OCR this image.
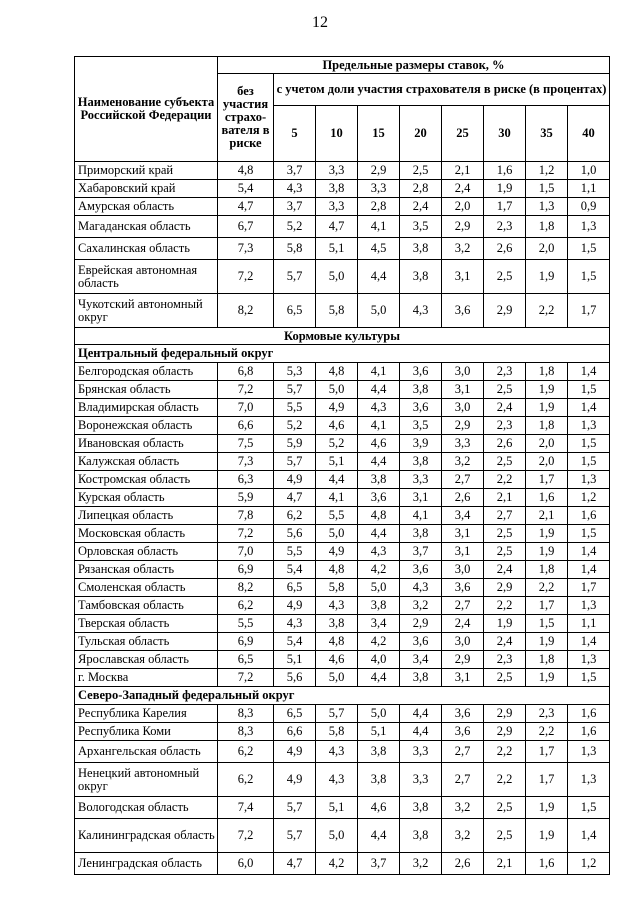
12
Наименование субъекта Российской Федерации	Предельные размеры ставок, %								
	без участия страхо-вателя в риске	с учетом доли участия страхователя в риске (в процентах)							
		5	10	15	20	25	30	35	40
Приморский край	4,8	3,7	3,3	2,9	2,5	2,1	1,6	1,2	1,0
Хабаровский край	5,4	4,3	3,8	3,3	2,8	2,4	1,9	1,5	1,1
Амурская область	4,7	3,7	3,3	2,8	2,4	2,0	1,7	1,3	0,9
Магаданская область	6,7	5,2	4,7	4,1	3,5	2,9	2,3	1,8	1,3
Сахалинская область	7,3	5,8	5,1	4,5	3,8	3,2	2,6	2,0	1,5
Еврейская автономная область	7,2	5,7	5,0	4,4	3,8	3,1	2,5	1,9	1,5
Чукотский автономный округ	8,2	6,5	5,8	5,0	4,3	3,6	2,9	2,2	1,7
Кормовые культуры									
Центральный федеральный округ									
Белгородская область	6,8	5,3	4,8	4,1	3,6	3,0	2,3	1,8	1,4
Брянская область	7,2	5,7	5,0	4,4	3,8	3,1	2,5	1,9	1,5
Владимирская область	7,0	5,5	4,9	4,3	3,6	3,0	2,4	1,9	1,4
Воронежская область	6,6	5,2	4,6	4,1	3,5	2,9	2,3	1,8	1,3
Ивановская область	7,5	5,9	5,2	4,6	3,9	3,3	2,6	2,0	1,5
Калужская область	7,3	5,7	5,1	4,4	3,8	3,2	2,5	2,0	1,5
Костромская область	6,3	4,9	4,4	3,8	3,3	2,7	2,2	1,7	1,3
Курская область	5,9	4,7	4,1	3,6	3,1	2,6	2,1	1,6	1,2
Липецкая область	7,8	6,2	5,5	4,8	4,1	3,4	2,7	2,1	1,6
Московская область	7,2	5,6	5,0	4,4	3,8	3,1	2,5	1,9	1,5
Орловская область	7,0	5,5	4,9	4,3	3,7	3,1	2,5	1,9	1,4
Рязанская область	6,9	5,4	4,8	4,2	3,6	3,0	2,4	1,8	1,4
Смоленская область	8,2	6,5	5,8	5,0	4,3	3,6	2,9	2,2	1,7
Тамбовская область	6,2	4,9	4,3	3,8	3,2	2,7	2,2	1,7	1,3
Тверская область	5,5	4,3	3,8	3,4	2,9	2,4	1,9	1,5	1,1
Тульская область	6,9	5,4	4,8	4,2	3,6	3,0	2,4	1,9	1,4
Ярославская область	6,5	5,1	4,6	4,0	3,4	2,9	2,3	1,8	1,3
г. Москва	7,2	5,6	5,0	4,4	3,8	3,1	2,5	1,9	1,5
Северо-Западный федеральный округ									
Республика Карелия	8,3	6,5	5,7	5,0	4,4	3,6	2,9	2,3	1,6
Республика Коми	8,3	6,6	5,8	5,1	4,4	3,6	2,9	2,2	1,6
Архангельская область	6,2	4,9	4,3	3,8	3,3	2,7	2,2	1,7	1,3
Ненецкий автономный округ	6,2	4,9	4,3	3,8	3,3	2,7	2,2	1,7	1,3
Вологодская область	7,4	5,7	5,1	4,6	3,8	3,2	2,5	1,9	1,5
Калининградская область	7,2	5,7	5,0	4,4	3,8	3,2	2,5	1,9	1,4
Ленинградская область	6,0	4,7	4,2	3,7	3,2	2,6	2,1	1,6	1,2
